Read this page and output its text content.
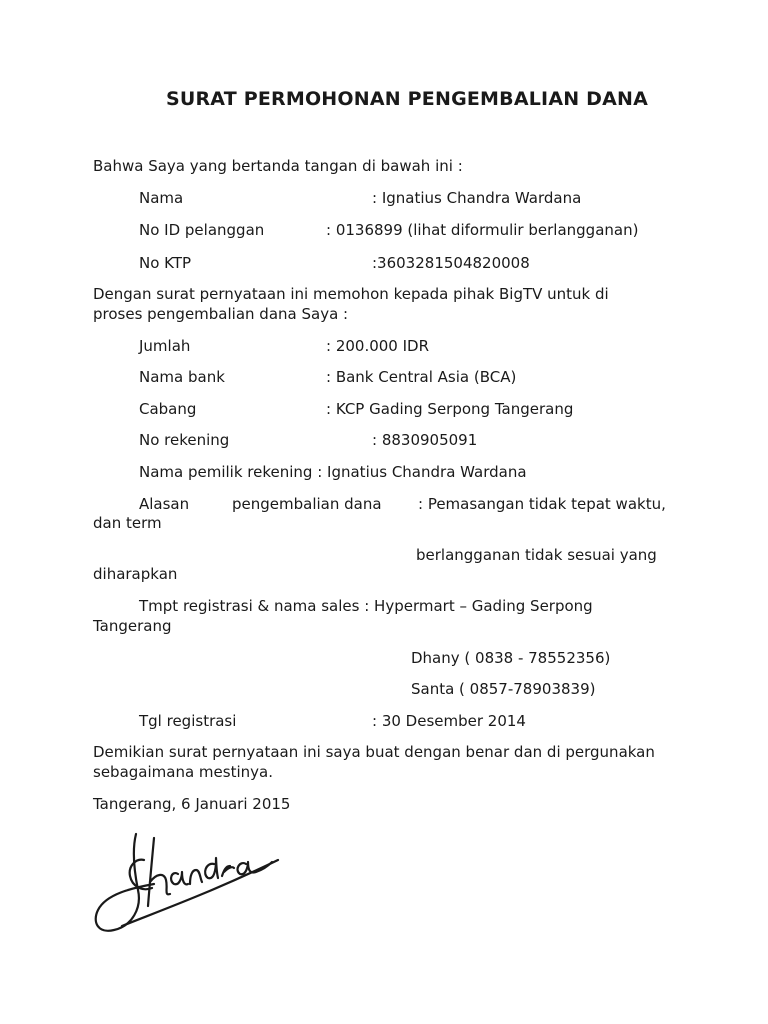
SURAT PERMOHONAN PENGEMBALIAN DANA
Bahwa Saya yang bertanda tangan di bawah ini :
Nama	: Ignatius Chandra Wardana
No ID pelanggan	: 0136899 (lihat diformulir berlangganan)
No KTP	:3603281504820008
Dengan surat pernyataan ini memohon kepada pihak BigTV untuk di
proses pengembalian dana Saya :
Jumlah	: 200.000 IDR
Nama bank	: Bank Central Asia (BCA)
Cabang	: KCP Gading Serpong Tangerang
No rekening	: 8830905091
Nama pemilik rekening : Ignatius Chandra Wardana
Alasan	pengembalian dana : Pemasangan tidak tepat waktu,
dan term
berlangganan tidak sesuai yang
diharapkan
Tmpt registrasi & nama sales : Hypermart – Gading Serpong
Tangerang
Dhany ( 0838 - 78552356)
Santa ( 0857-78903839)
Tgl registrasi	: 30 Desember 2014
Demikian surat pernyataan ini saya buat dengan benar dan di pergunakan
sebagaimana mestinya.
Tangerang, 6 Januari 2015
